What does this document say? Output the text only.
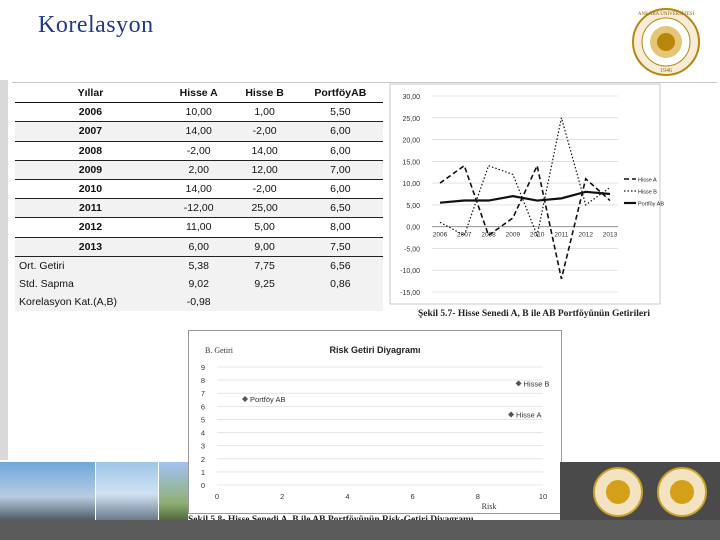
Korelasyon	ANKARA ÜNİVERSİTESİ
1946
Yıllar	Hisse A	Hisse B	PortföyAB
2006	10,00	1,00	5,50
2007	14,00	-2,00	6,00
2008	-2,00	14,00	6,00
2009	2,00	12,00	7,00
2010	14,00	-2,00	6,00
2011	-12,00	25,00	6,50
2012	11,00	5,00	8,00
2013	6,00	9,00	7,50
Ort. Getiri	5,38	7,75	6,56
Std. Sapma	9,02	9,25	0,86
Korelasyon Kat.(A,B)	-0,98		
30,00
25,00
20,00
15,00
10,00
5,00
0,00
-5,00
-10,00
-15,00
2006 2007 2008 2009 2010 2011 2012 2013
Hisse A
Hisse B
Portföy AB
Şekil 5.7- Hisse Senedi A, B ile AB Portföyünün Getirileri
Risk Getiri Diyagramı
B. Getiri
0
1
2
3
4
5
6
7
8
9
0	2	4	6	8	10
Risk
Hisse B
Portföy AB
Hisse A
